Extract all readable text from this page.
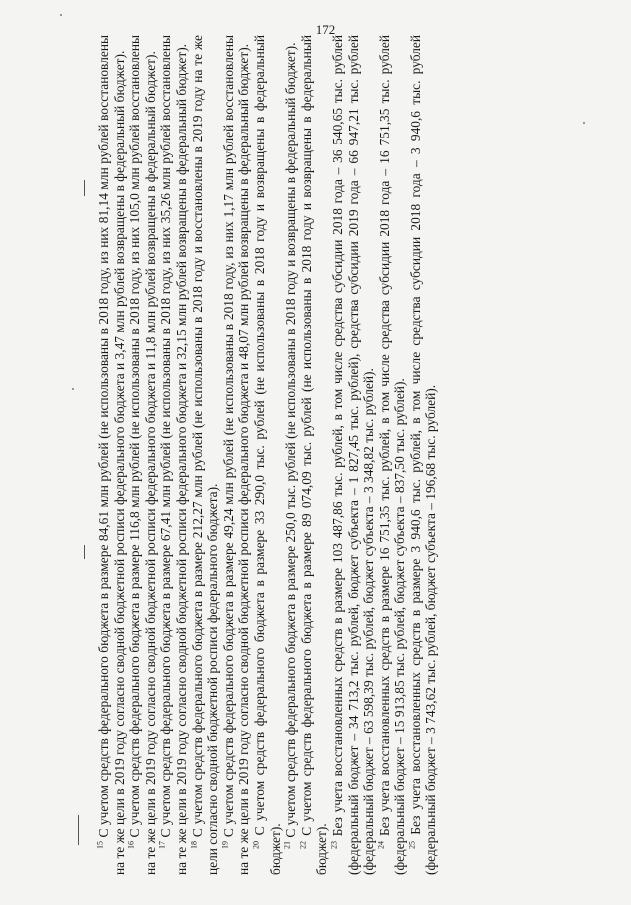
172

$^{15}$ С учетом средств федерального бюджета в размере 84,61 млн рублей (не использованы в 2018 году, из них 81,14 млн рублей восстановлены на те же цели в 2019 году согласно сводной бюджетной росписи федерального бюджета и 3,47 млн рублей возвращены в федеральный бюджет). $^{16}$ С учетом средств федерального бюджета в размере 116,8 млн рублей (не использованы в 2018 году, из них 105,0 млн рублей восстановлены на те же цели в 2019 году согласно сводной бюджетной росписи федерального бюджета и 11,8 млн рублей возвращены в федеральный бюджет). $^{17}$ С учетом средств федерального бюджета в размере 67,41 млн рублей (не использованы в 2018 году, из них 35,26 млн рублей восстановлены на те же цели в 2019 году согласно сводной бюджетной росписи федерального бюджета и 32,15 млн рублей возвращены в федеральный бюджет). $^{18}$ С учетом средств федерального бюджета в размере 212,27 млн рублей (не использованы в 2018 году и восстановлены в 2019 году на те же цели согласно сводной бюджетной росписи федерального бюджета). $^{19}$ С учетом средств федерального бюджета в размере 49,24 млн рублей (не использованы в 2018 году, из них 1,17 млн рублей восстановлены на те же цели в 2019 году согласно сводной бюджетной росписи федерального бюджета и 48,07 млн рублей возвращены в федеральный бюджет). $^{20}$ С учетом средств федерального бюджета в размере 33 290,0 тыс. рублей (не использованы в 2018 году и возвращены в федеральный бюджет). $^{21}$ С учетом средств федерального бюджета в размере 250,0 тыс. рублей (не использованы в 2018 году и возвращены в федеральный бюджет).

$^{22}$ С учетом средств федерального бюджета в размере 89 074,09 тыс. рублей (не использованы в 2018 году и возвращены в федеральный бюджет). $^{23}$ Без учета восстановленных средств в размере 103 487,86 тыс. рублей, в том числе средства субсидии 2018 года – 36 540,65 тыс. рублей (федеральный бюджет – 34 713,2 тыс. рублей, бюджет субъекта – 1 827,45 тыс. рублей), средства субсидии 2019 года – 66 947,21 тыс. рублей (федеральный бюджет – 63 598,39 тыс. рублей, бюджет субъекта – 3 348,82 тыс. рублей). $^{24}$ Без учета восстановленных средств в размере 16 751,35 тыс. рублей, в том числе средства субсидии 2018 года – 16 751,35 тыс. рублей (федеральный бюджет – 15 913,85 тыс. рублей, бюджет субъекта – 837,50 тыс. рублей). $^{25}$ Без учета восстановленных средств в размере 3 940,6 тыс. рублей, в том числе средства субсидии 2018 года – 3 940,6 тыс. рублей (федеральный бюджет – 3 743,62 тыс. рублей, бюджет субъекта – 196,68 тыс. рублей).
